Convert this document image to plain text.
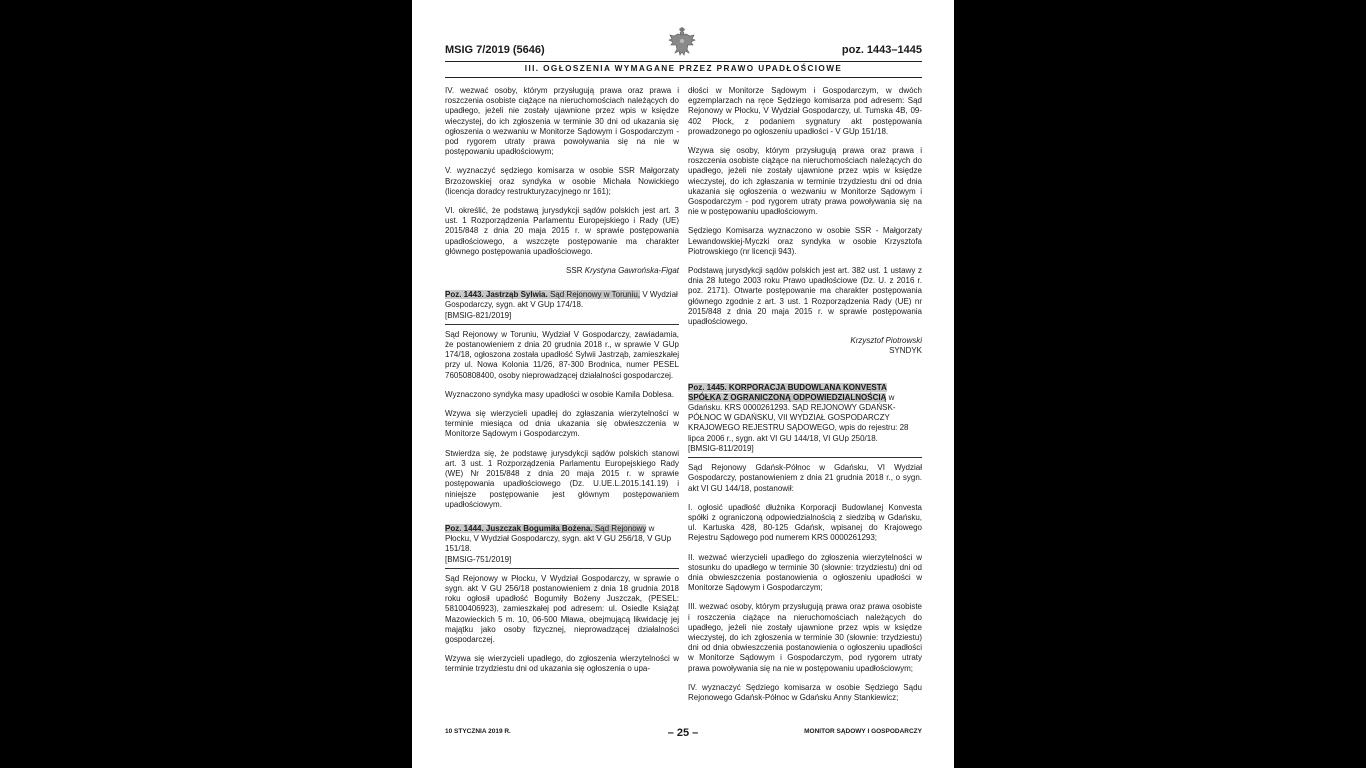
MSIG 7/2019 (5646)	poz. 1443–1445
III. OGŁOSZENIA WYMAGANE PRZEZ PRAWO UPADŁOŚCIOWE

IV. wezwać osoby, którym przysługują prawa oraz prawa i roszczenia osobiste ciążące na nieruchomościach należących do upadłego, jeżeli nie zostały ujawnione przez wpis w księdze wieczystej, do ich zgłoszenia w terminie 30 dni od ukazania się ogłoszenia o wezwaniu w Monitorze Sądowym i Gospodarczym - pod rygorem utraty prawa powoływania się na nie w postępowaniu upadłościowym;

V. wyznaczyć sędziego komisarza w osobie SSR Małgorzaty Brzozowskiej oraz syndyka w osobie Michała Nowickiego (licencja doradcy restrukturyzacyjnego nr 161);

VI. określić, że podstawą jurysdykcji sądów polskich jest art. 3 ust. 1 Rozporządzenia Parlamentu Europejskiego i Rady (UE) 2015/848 z dnia 20 maja 2015 r. w sprawie postępowania upadłościowego, a wszczęte postępowanie ma charakter głównego postępowania upadłościowego.

SSR Krystyna Gawrońska-Figat

Poz. 1443. Jastrząb Sylwia. Sąd Rejonowy w Toruniu, V Wydział Gospodarczy, sygn. akt V GUp 174/18.
[BMSIG-821/2019]

Sąd Rejonowy w Toruniu, Wydział V Gospodarczy, zawiadamia, że postanowieniem z dnia 20 grudnia 2018 r., w sprawie V GUp 174/18, ogłoszona została upadłość Sylwii Jastrząb, zamieszkałej przy ul. Nowa Kolonia 11/26, 87-300 Brodnica, numer PESEL 76050808400, osoby nieprowadzącej działalności gospodarczej.

Wyznaczono syndyka masy upadłości w osobie Kamila Doblesa.

Wzywa się wierzycieli upadłej do zgłaszania wierzytelności w terminie miesiąca od dnia ukazania się obwieszczenia w Monitorze Sądowym i Gospodarczym.

Stwierdza się, że podstawę jurysdykcji sądów polskich stanowi art. 3 ust. 1 Rozporządzenia Parlamentu Europejskiego Rady (WE) Nr 2015/848 z dnia 20 maja 2015 r. w sprawie postępowania upadłościowego (Dz. U.UE.L.2015.141.19) i niniejsze postępowanie jest głównym postępowaniem upadłościowym.

Poz. 1444. Juszczak Bogumiła Bożena. Sąd Rejonowy w Płocku, V Wydział Gospodarczy, sygn. akt V GU 256/18, V GUp 151/18.
[BMSIG-751/2019]

Sąd Rejonowy w Płocku, V Wydział Gospodarczy, w sprawie o sygn. akt V GU 256/18 postanowieniem z dnia 18 grudnia 2018 roku ogłosił upadłość Bogumiły Bożeny Juszczak, (PESEL: 58100406923), zamieszkałej pod adresem: ul. Osiedle Książąt Mazowieckich 5 m. 10, 06-500 Mława, obejmującą likwidację jej majątku jako osoby fizycznej, nieprowadzącej działalności gospodarczej.

Wzywa się wierzycieli upadłego, do zgłoszenia wierzytelności w terminie trzydziestu dni od ukazania się ogłoszenia o upa-

dłości w Monitorze Sądowym i Gospodarczym, w dwóch egzemplarzach na ręce Sędziego komisarza pod adresem: Sąd Rejonowy w Płocku, V Wydział Gospodarczy, ul. Tumska 4B, 09-402 Płock, z podaniem sygnatury akt postępowania prowadzonego po ogłoszeniu upadłości - V GUp 151/18.

Wzywa się osoby, którym przysługują prawa oraz prawa i roszczenia osobiste ciążące na nieruchomościach należących do upadłego, jeżeli nie zostały ujawnione przez wpis w księdze wieczystej, do ich zgłaszania w terminie trzydziestu dni od dnia ukazania się ogłoszenia o wezwaniu w Monitorze Sądowym i Gospodarczym - pod rygorem utraty prawa powoływania się na nie w postępowaniu upadłościowym.

Sędziego Komisarza wyznaczono w osobie SSR - Małgorzaty Lewandowskiej-Myczki oraz syndyka w osobie Krzysztofa Piotrowskiego (nr licencji 943).

Podstawą jurysdykcji sądów polskich jest art. 382 ust. 1 ustawy z dnia 28 lutego 2003 roku Prawo upadłościowe (Dz. U. z 2016 r. poz. 2171). Otwarte postępowanie ma charakter postępowania głównego zgodnie z art. 3 ust. 1 Rozporządzenia Rady (UE) nr 2015/848 z dnia 20 maja 2015 r. w sprawie postępowania upadłościowego.

Krzysztof Piotrowski

SYNDYK

Poz. 1445. KORPORACJA BUDOWLANA KONVESTA SPÓŁKA Z OGRANICZONĄ ODPOWIEDZIALNOŚCIĄ w Gdańsku. KRS 0000261293. SĄD REJONOWY GDAŃSK-PÓŁNOC W GDAŃSKU, VII WYDZIAŁ GOSPODARCZY KRAJOWEGO REJESTRU SĄDOWEGO, wpis do rejestru: 28 lipca 2006 r., sygn. akt VI GU 144/18, VI GUp 250/18.
[BMSIG-811/2019]

Sąd Rejonowy Gdańsk-Północ w Gdańsku, VI Wydział Gospodarczy, postanowieniem z dnia 21 grudnia 2018 r., o sygn. akt VI GU 144/18, postanowił:

I. ogłosić upadłość dłużnika Korporacji Budowlanej Konvesta spółki z ograniczoną odpowiedzialnością z siedzibą w Gdańsku, ul. Kartuska 428, 80-125 Gdańsk, wpisanej do Krajowego Rejestru Sądowego pod numerem KRS 0000261293;

II. wezwać wierzycieli upadłego do zgłoszenia wierzytelności w stosunku do upadłego w terminie 30 (słownie: trzydziestu) dni od dnia obwieszczenia postanowienia o ogłoszeniu upadłości w Monitorze Sądowym i Gospodarczym;

III. wezwać osoby, którym przysługują prawa oraz prawa osobiste i roszczenia ciążące na nieruchomościach należących do upadłego, jeżeli nie zostały ujawnione przez wpis w księdze wieczystej, do ich zgłoszenia w terminie 30 (słownie: trzydziestu) dni od dnia obwieszczenia postanowienia o ogłoszeniu upadłości w Monitorze Sądowym i Gospodarczym, pod rygorem utraty prawa powoływania się na nie w postępowaniu upadłościowym;

IV. wyznaczyć Sędziego komisarza w osobie Sędziego Sądu Rejonowego Gdańsk-Północ w Gdańsku Anny Stankiewicz;

10 STYCZNIA 2019 R.	– 25 –	MONITOR SĄDOWY I GOSPODARCZY
